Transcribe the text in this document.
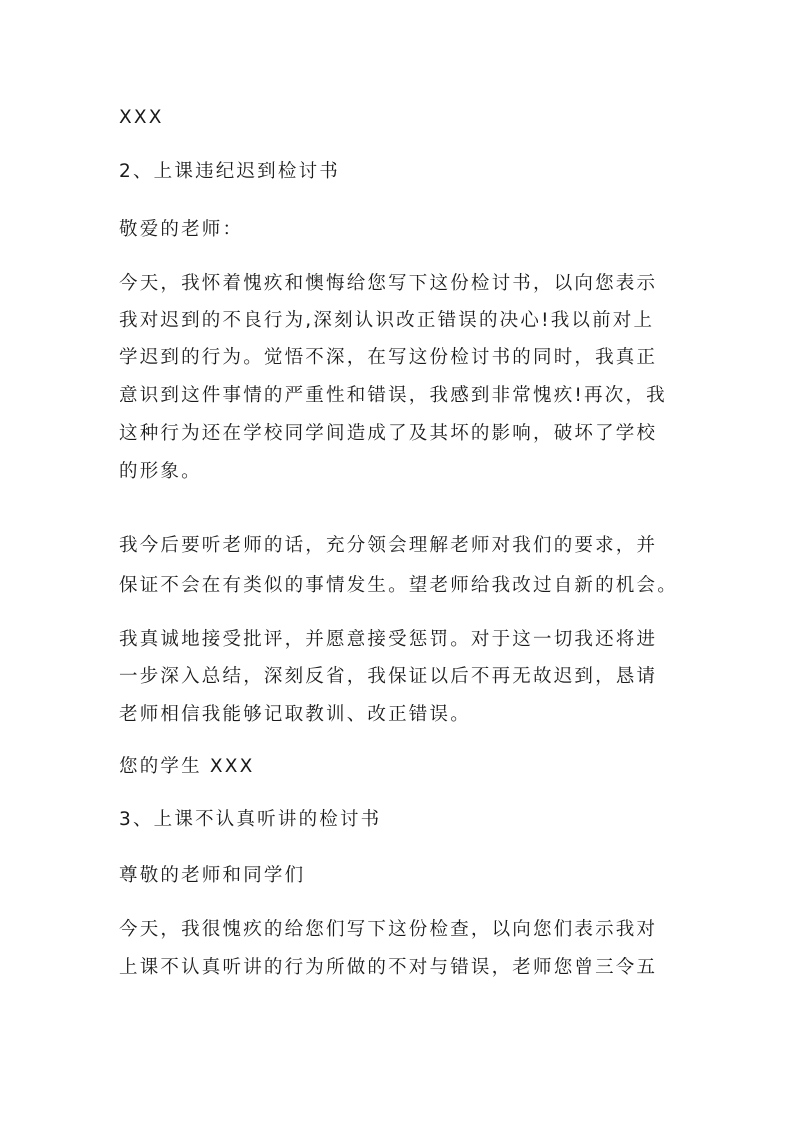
XXX
2、上课违纪迟到检讨书
敬爱的老师：
今天，我怀着愧疚和懊悔给您写下这份检讨书，以向您表示
我对迟到的不良行为,深刻认识改正错误的决心!我以前对上
学迟到的行为。觉悟不深，在写这份检讨书的同时，我真正
意识到这件事情的严重性和错误，我感到非常愧疚!再次，我
这种行为还在学校同学间造成了及其坏的影响，破坏了学校
的形象。
我今后要听老师的话，充分领会理解老师对我们的要求，并
保证不会在有类似的事情发生。望老师给我改过自新的机会。
我真诚地接受批评，并愿意接受惩罚。对于这一切我还将进
一步深入总结，深刻反省，我保证以后不再无故迟到，恳请
老师相信我能够记取教训、改正错误。
您的学生 XXX
3、上课不认真听讲的检讨书
尊敬的老师和同学们
今天，我很愧疚的给您们写下这份检查，以向您们表示我对
上课不认真听讲的行为所做的不对与错误，老师您曾三令五
